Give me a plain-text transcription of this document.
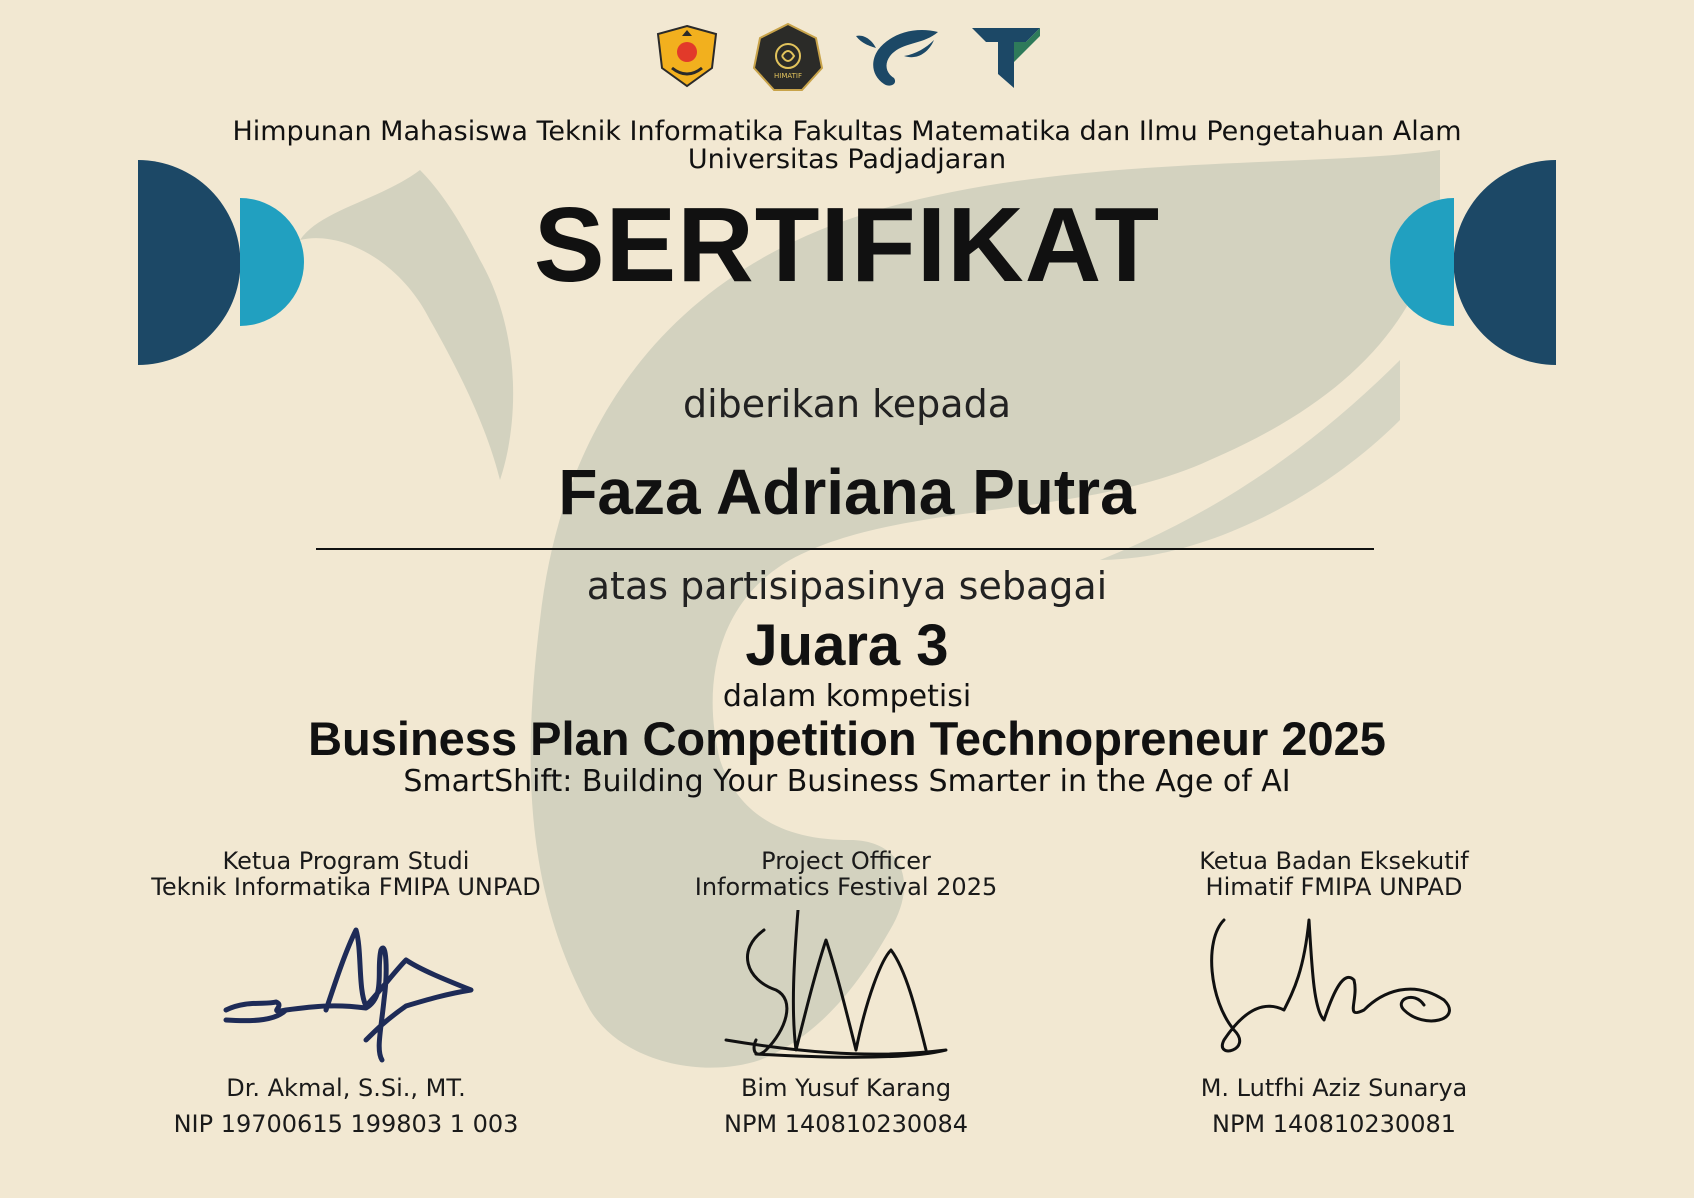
HIMATIF
Himpunan Mahasiswa Teknik Informatika Fakultas Matematika dan Ilmu Pengetahuan Alam
Universitas Padjadjaran
SERTIFIKAT
diberikan kepada
Faza Adriana Putra
atas partisipasinya sebagai
Juara 3
dalam kompetisi
Business Plan Competition Technopreneur 2025
SmartShift: Building Your Business Smarter in the Age of AI
Ketua Program Studi
Teknik Informatika FMIPA UNPAD
Dr. Akmal, S.Si., MT.
NIP 19700615 199803 1 003
Project Officer
Informatics Festival 2025
Bim Yusuf Karang
NPM 140810230084
Ketua Badan Eksekutif
Himatif FMIPA UNPAD
M. Lutfhi Aziz Sunarya
NPM 140810230081
